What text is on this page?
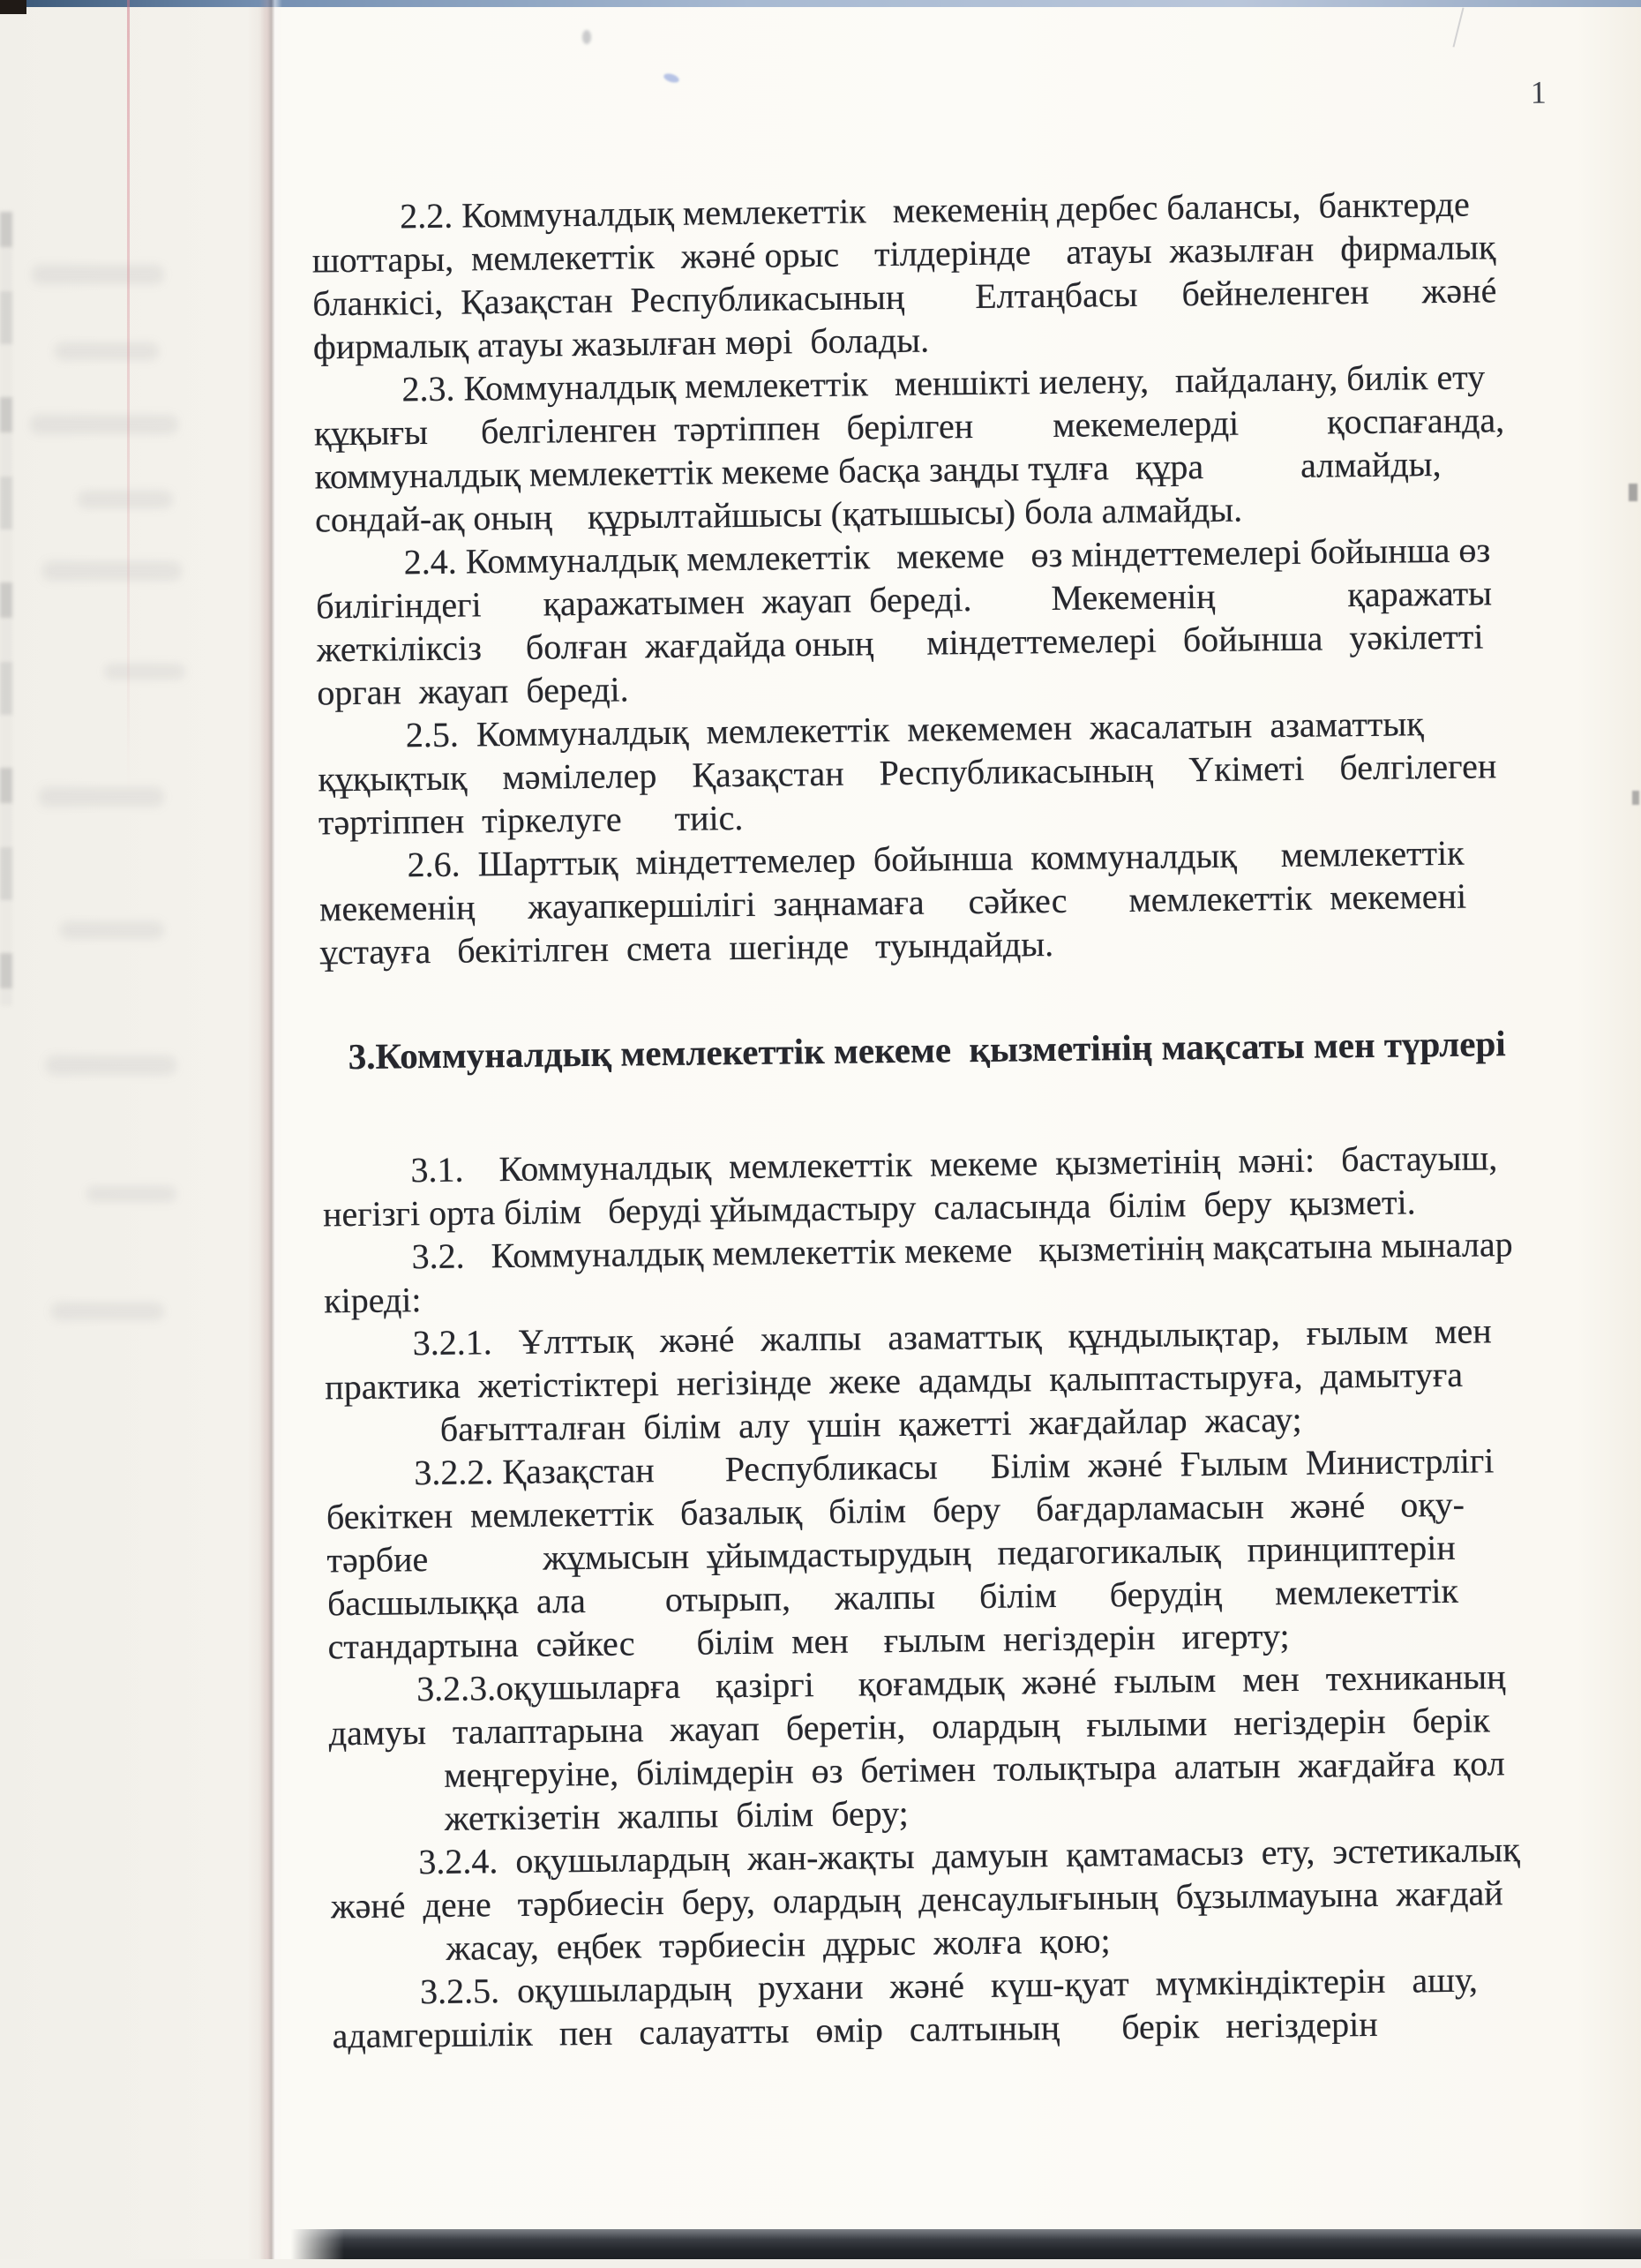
1
2.2. Коммуналдық мемлекеттік   мекеменің дербес балансы,  банктерде
шоттары,  мемлекеттік   жәнé орыс    тілдерінде    атауы  жазылған   фирмалық
бланкісі,  Қазақстан  Республикасының        Елтаңбасы     бейнеленген      жәнé
фирмалық атауы жазылған мөрі  болады.
2.3. Коммуналдық мемлекеттік   меншікті иелену,   пайдалану, билік ету
құқығы      белгіленген  тәртіппен   берілген         мекемелерді          қоспағанда,
коммуналдық мемлекеттік мекеме басқа заңды тұлға   құра           алмайды,
сондай-ақ оның    құрылтайшысы (қатышысы) бола алмайды.
2.4. Коммуналдық мемлекеттік   мекеме   өз міндеттемелері бойынша өз
билігіндегі       қаражатымен  жауап  береді.         Мекеменің               қаражаты
жеткіліксіз     болған  жағдайда оның      міндеттемелері   бойынша   уәкілетті
орган  жауап  береді.
2.5.  Коммуналдық  мемлекеттік  мекемемен  жасалатын  азаматтық
құқықтық    мәмілелер    Қазақстан    Республикасының    Үкіметі    белгілеген
тәртіппен  тіркелуге      тиіс.
2.6.  Шарттық  міндеттемелер  бойынша  коммуналдық     мемлекеттік
мекеменің      жауапкершілігі  заңнамаға     сәйкес       мемлекеттік  мекемені
ұстауға   бекітілген  смета  шегінде   туындайды.
3.Коммуналдық мемлекеттік мекеме  қызметінің мақсаты мен түрлері
3.1.    Коммуналдық  мемлекеттік  мекеме  қызметінің  мәні:   бастауыш,
негізгі орта білім   беруді ұйымдастыру  саласында  білім  беру  қызметі.
3.2.   Коммуналдық мемлекеттік мекеме   қызметінің мақсатына мыналар
кіреді:
3.2.1.   Ұлттық   жәнé   жалпы   азаматтық   құндылықтар,   ғылым   мен
практика  жетістіктері  негізінде  жеке  адамды  қалыптастыруға,  дамытуға
бағытталған  білім  алу  үшін  қажетті  жағдайлар  жасау;
3.2.2. Қазақстан        Республикасы      Білім  жәнé  Ғылым  Министрлігі
бекіткен  мемлекеттік   базалық   білім   беру    бағдарламасын   жәнé    оқу-
тәрбие             жұмысын  ұйымдастырудың   педагогикалық   принциптерін
басшылыққа  ала         отырып,     жалпы     білім      берудің      мемлекеттік
стандартына  сәйкес       білім  мен    ғылым  негіздерін   игерту;
3.2.3.оқушыларға    қазіргі     қоғамдық  жәнé  ғылым   мен   техниканың
дамуы   талаптарына   жауап   беретін,   олардың   ғылыми   негіздерін   берік
меңгеруіне,  білімдерін  өз  бетімен  толықтыра  алатын  жағдайға  қол
жеткізетін  жалпы  білім  беру;
3.2.4.  оқушылардың  жан-жақты  дамуын  қамтамасыз  ету,  эстетикалық
жәнé  дене   тәрбиесін  беру,  олардың  денсаулығының  бұзылмауына  жағдай
жасау,  еңбек  тәрбиесін  дұрыс  жолға  қою;
3.2.5.  оқушылардың   рухани   жәнé   күш-қуат   мүмкіндіктерін   ашу,
адамгершілік   пен   салауатты   өмір   салтының       берік   негіздерін
